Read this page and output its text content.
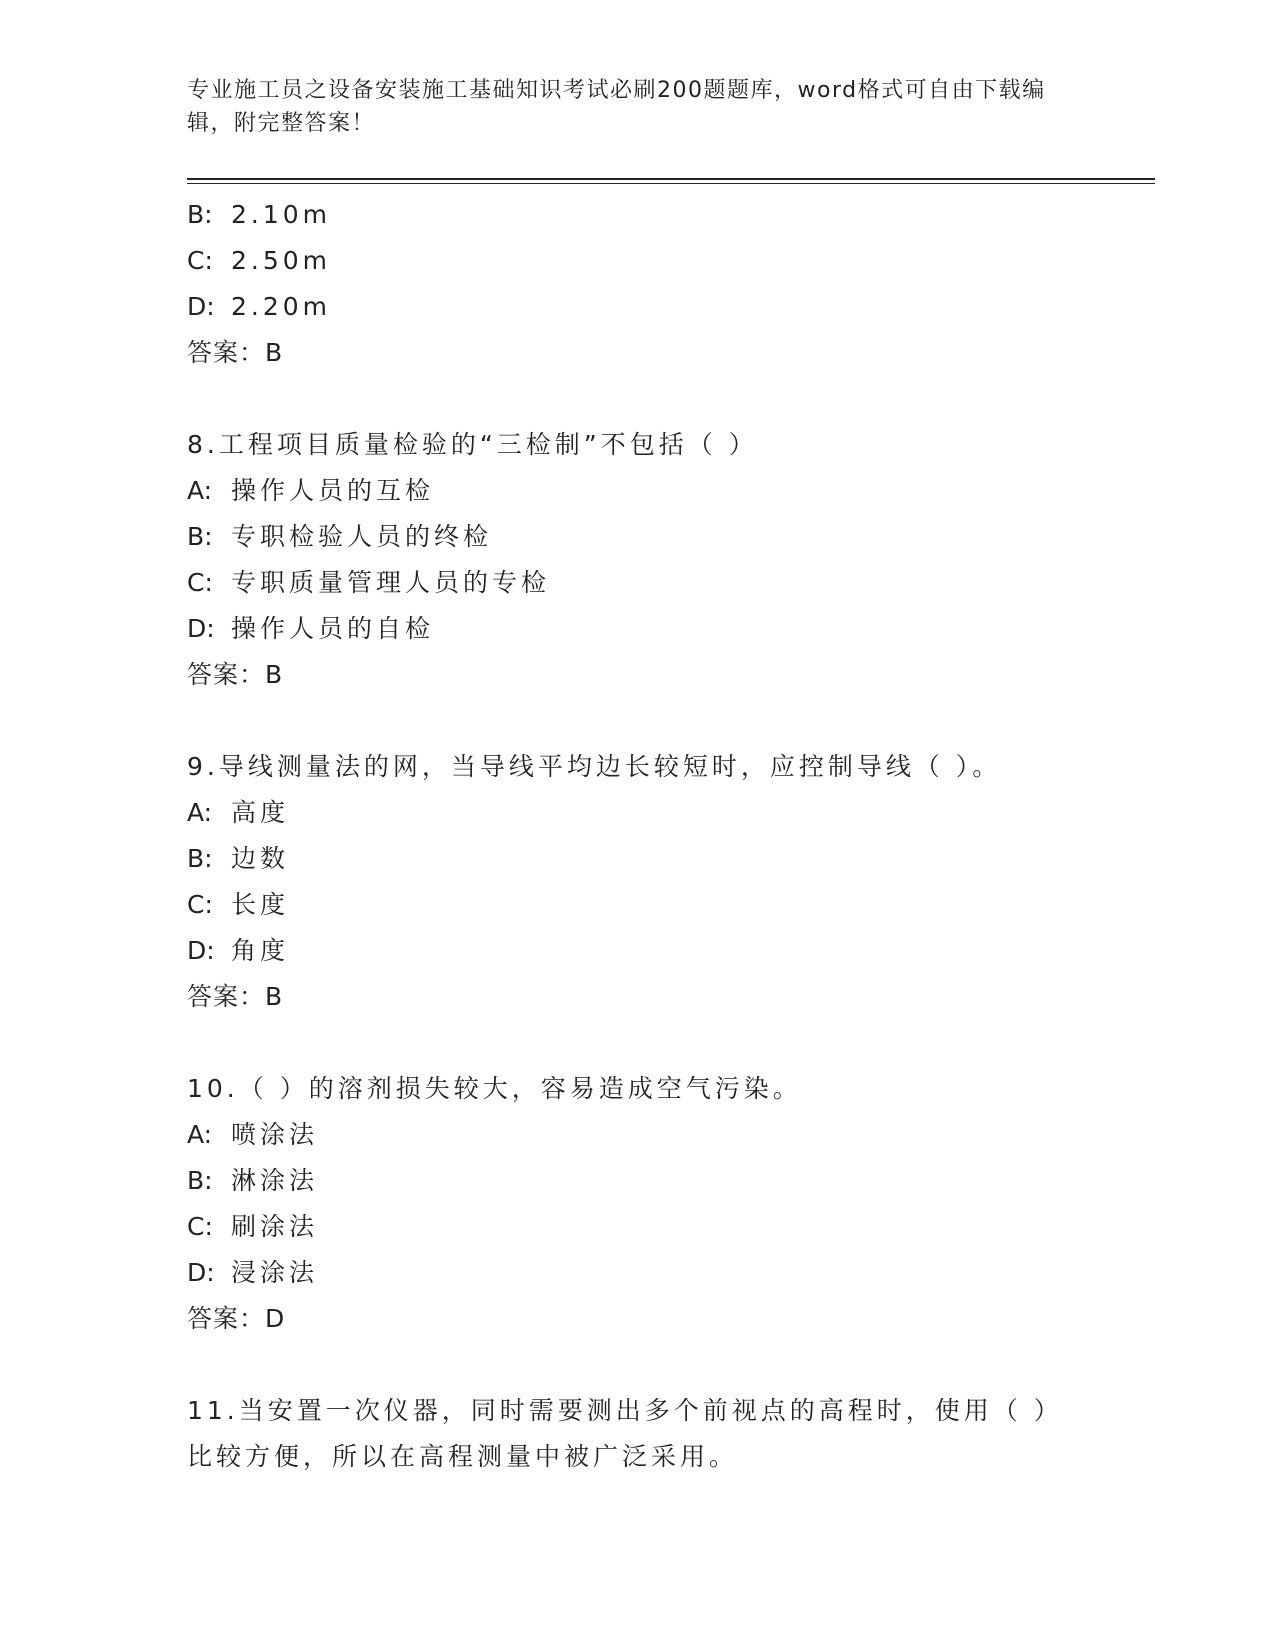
专业施工员之设备安装施工基础知识考试必刷200题题库，word格式可自由下载编辑，附完整答案！
B: 2.10m
C: 2.50m
D: 2.20m
答案：B
8.工程项目质量检验的“三检制”不包括（ ）
A: 操作人员的互检
B: 专职检验人员的终检
C: 专职质量管理人员的专检
D: 操作人员的自检
答案：B
9.导线测量法的网，当导线平均边长较短时，应控制导线（ ）。
A: 高度
B: 边数
C: 长度
D: 角度
答案：B
10.（ ）的溶剂损失较大，容易造成空气污染。
A: 喷涂法
B: 淋涂法
C: 刷涂法
D: 浸涂法
答案：D
11.当安置一次仪器，同时需要测出多个前视点的高程时，使用（ ）
比较方便，所以在高程测量中被广泛采用。
